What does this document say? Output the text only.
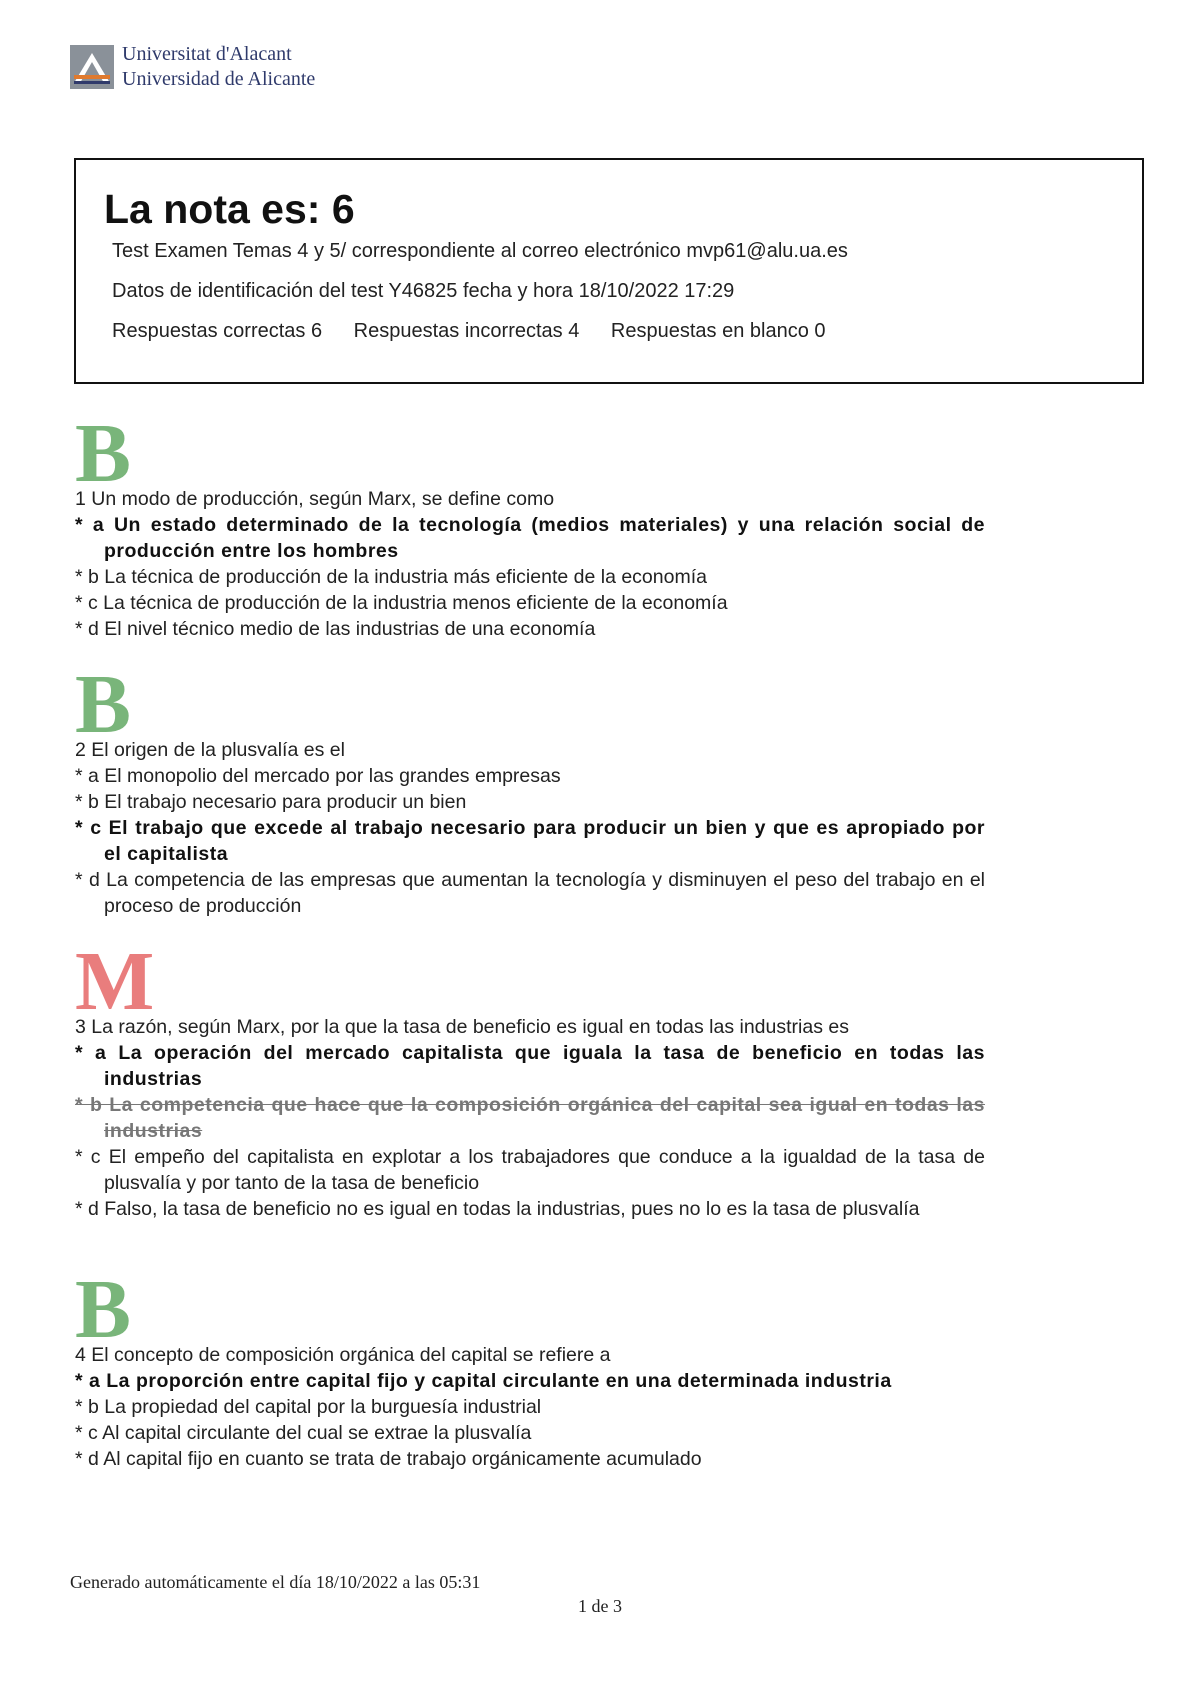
Universitat d'Alacant
Universidad de Alicante
La nota es: 6
Test Examen Temas 4 y 5/ correspondiente al correo electrónico mvp61@alu.ua.es
Datos de identificación del test Y46825 fecha y hora 18/10/2022 17:29
Respuestas correctas 6 Respuestas incorrectas 4 Respuestas en blanco 0
B

1 Un modo de producción, según Marx, se define como

* a Un estado determinado de la tecnología (medios materiales) y una relación social de producción entre los hombres

* b La técnica de producción de la industria más eficiente de la economía

* c La técnica de producción de la industria menos eficiente de la economía

* d El nivel técnico medio de las industrias de una economía

B

2 El origen de la plusvalía es el

* a El monopolio del mercado por las grandes empresas

* b El trabajo necesario para producir un bien

* c El trabajo que excede al trabajo necesario para producir un bien y que es apropiado por el capitalista

* d La competencia de las empresas que aumentan la tecnología y disminuyen el peso del trabajo en el proceso de producción

M

3 La razón, según Marx, por la que la tasa de beneficio es igual en todas las industrias es

* a La operación del mercado capitalista que iguala la tasa de beneficio en todas las industrias

* b La competencia que hace que la composición orgánica del capital sea igual en todas las industrias

* c El empeño del capitalista en explotar a los trabajadores que conduce a la igualdad de la tasa de plusvalía y por tanto de la tasa de beneficio

* d Falso, la tasa de beneficio no es igual en todas la industrias, pues no lo es la tasa de plusvalía

B

4 El concepto de composición orgánica del capital se refiere a

* a La proporción entre capital fijo y capital circulante en una determinada industria

* b La propiedad del capital por la burguesía industrial

* c Al capital circulante del cual se extrae la plusvalía

* d Al capital fijo en cuanto se trata de trabajo orgánicamente acumulado

Generado automáticamente el día 18/10/2022 a las 05:31
1 de 3
